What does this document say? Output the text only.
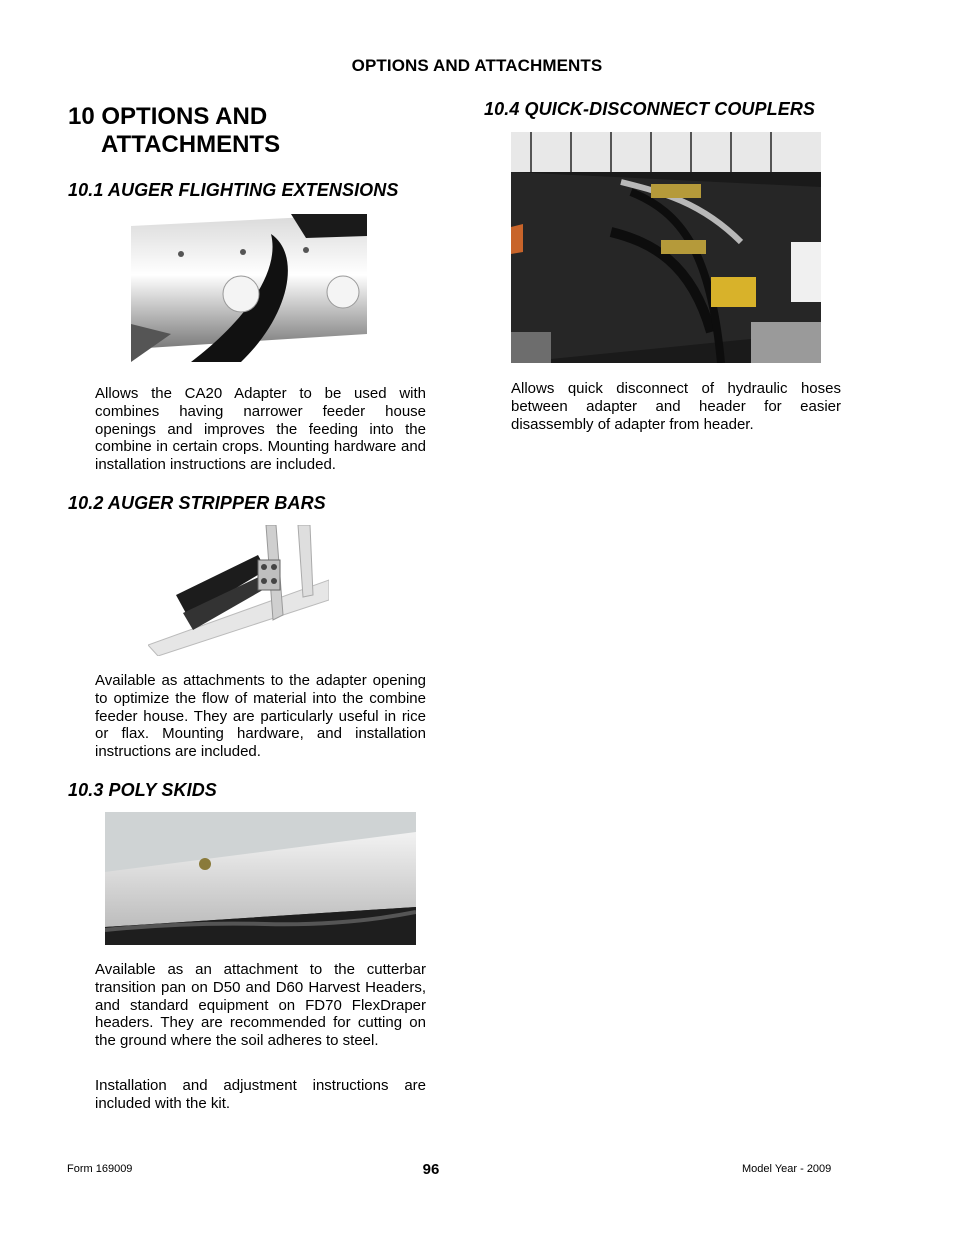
OPTIONS AND ATTACHMENTS
10 OPTIONS AND
ATTACHMENTS
10.1 AUGER FLIGHTING EXTENSIONS
Allows the CA20 Adapter to be used with combines having narrower feeder house openings and improves the feeding into the combine in certain crops. Mounting hardware and installation instructions are included.
10.2 AUGER STRIPPER BARS
Available as attachments to the adapter opening to optimize the flow of material into the combine feeder house. They are particularly useful in rice or flax. Mounting hardware, and installation instructions are included.
10.3 POLY SKIDS
Available as an attachment to the cutterbar transition pan on D50 and D60 Harvest Headers, and standard equipment on FD70 FlexDraper headers. They are recommended for cutting on the ground where the soil adheres to steel.
Installation and adjustment instructions are included with the kit.
10.4 QUICK-DISCONNECT COUPLERS
Allows quick disconnect of hydraulic hoses between adapter and header for easier disassembly of adapter from header.
Form 169009	96	Model Year - 2009
